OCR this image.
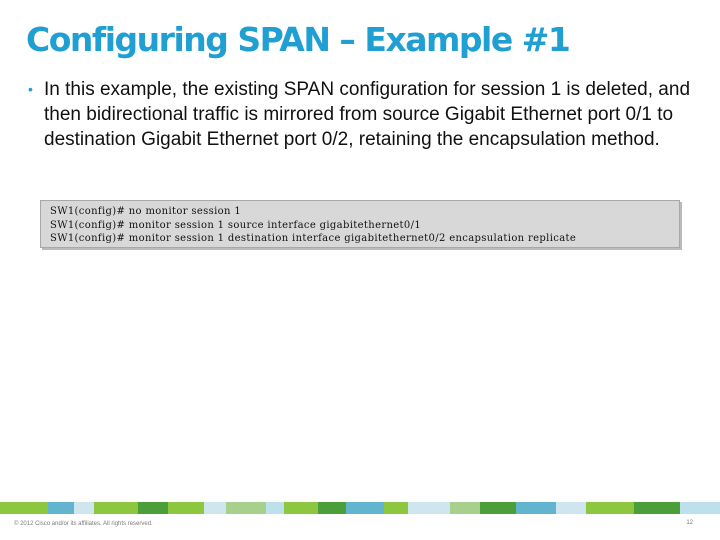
Configuring SPAN – Example #1
• In this example, the existing SPAN configuration for session 1 is deleted, and then bidirectional traffic is mirrored from source Gigabit Ethernet port 0/1 to destination Gigabit Ethernet port 0/2, retaining the encapsulation method.
SW1(config)# no monitor session 1
SW1(config)# monitor session 1 source interface gigabitethernet0/1
SW1(config)# monitor session 1 destination interface gigabitethernet0/2 encapsulation replicate
© 2012 Cisco and/or its affiliates. All rights reserved.	12
